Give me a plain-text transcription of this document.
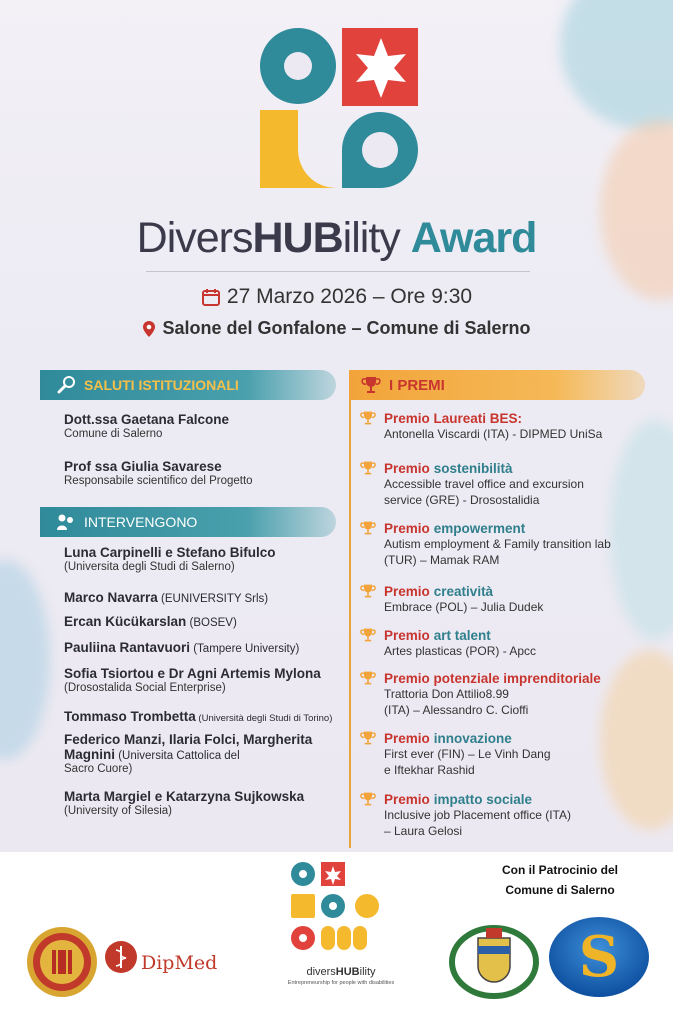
DiversHUBility Award
27 Marzo 2026 – Ore 9:30
Salone del Gonfalone – Comune di Salerno
SALUTI ISTITUZIONALI
Dott.ssa Gaetana Falcone
Comune di Salerno
Prof ssa Giulia Savarese
Responsabile scientifico del Progetto
INTERVENGONO
Luna Carpinelli e Stefano Bifulco
(Universita degli Studi di Salerno)
Marco Navarra (EUNIVERSITY Srls)
Ercan Kücükarslan (BOSEV)
Pauliina Rantavuori (Tampere University)
Sofia Tsiortou e Dr Agni Artemis Mylona
(Drosostalida Social Enterprise)
Tommaso Trombetta (Università degli Studi di Torino)
Federico Manzi, Ilaria Folci, Margherita
Magnini (Universita Cattolica del
Sacro Cuore)
Marta Margiel e Katarzyna Sujkowska
(University of Silesia)
I PREMI
Premio Laureati BES:
Antonella Viscardi (ITA) - DIPMED UniSa
Premio sostenibilità
Accessible travel office and excursion
service (GRE) - Drosostalidia
Premio empowerment
Autism employment & Family transition lab
(TUR) – Mamak RAM
Premio creatività
Embrace (POL) – Julia Dudek
Premio art talent
Artes plasticas (POR) - Apcc
Premio potenziale imprenditoriale
Trattoria Don Attilio8.99
(ITA) – Alessandro C. Cioffi
Premio innovazione
First ever (FIN) – Le Vinh Dang
e Iftekhar Rashid
Premio impatto sociale
Inclusive job Placement office (ITA)
– Laura Gelosi
DipMed	diversHUBility
Entrepreneurship for people with disabilities
Con il Patrocinio del
Comune di Salerno
S
